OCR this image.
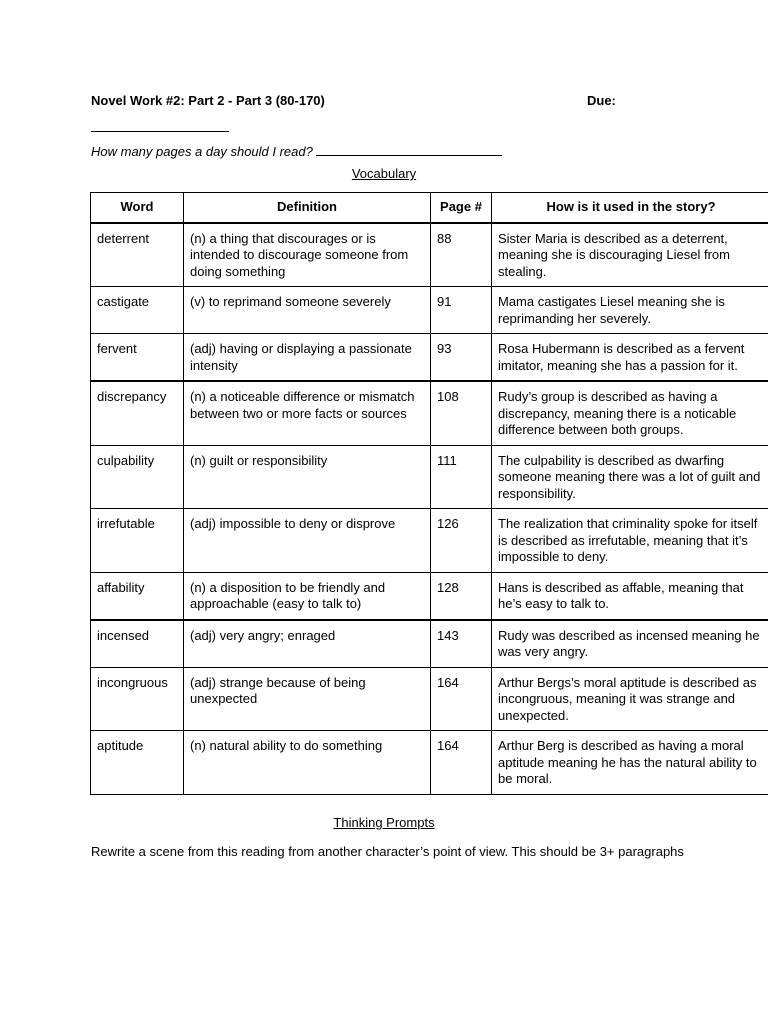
Novel Work #2: Part 2 - Part 3 (80-170)	Due:
How many pages a day should I read?
Vocabulary
Word	Definition	Page #	How is it used in the story?
deterrent	(n) a thing that discourages or is intended to discourage someone from doing something	88	Sister Maria is described as a deterrent, meaning she is discouraging Liesel from stealing.
castigate	(v) to reprimand someone severely	91	Mama castigates Liesel meaning she is reprimanding her severely.
fervent	(adj) having or displaying a passionate intensity	93	Rosa Hubermann is described as a fervent imitator, meaning she has a passion for it.
discrepancy	(n) a noticeable difference or mismatch between two or more facts or sources	108	Rudy’s group is described as having a discrepancy, meaning there is a noticable difference between both groups.
culpability	(n) guilt or responsibility	111	The culpability is described as dwarfing someone meaning there was a lot of guilt and responsibility.
irrefutable	(adj) impossible to deny or disprove	126	The realization that criminality spoke for itself is described as irrefutable, meaning that it’s impossible to deny.
affability	(n) a disposition to be friendly and approachable (easy to talk to)	128	Hans is described as affable, meaning that he’s easy to talk to.
incensed	(adj) very angry; enraged	143	Rudy was described as incensed meaning he was very angry.
incongruous	(adj) strange because of being unexpected	164	Arthur Bergs’s moral aptitude is described as incongruous, meaning it was strange and unexpected.
aptitude	(n) natural ability to do something	164	Arthur Berg is described as having a moral aptitude meaning he has the natural ability to be moral.
Thinking Prompts
Rewrite a scene from this reading from another character’s point of view. This should be 3+ paragraphs
